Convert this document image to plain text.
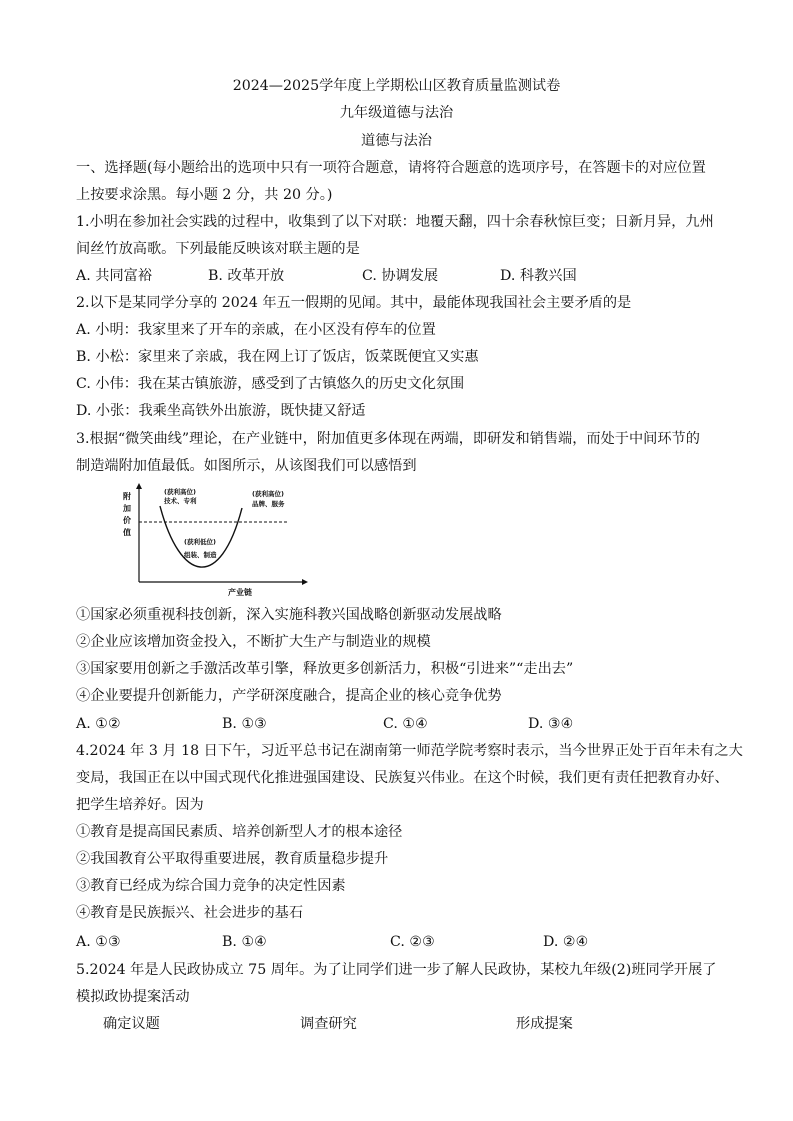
2024—2025学年度上学期松山区教育质量监测试卷
九年级道德与法治
道德与法治
一、选择题(每小题给出的选项中只有一项符合题意，请将符合题意的选项序号，在答题卡的对应位置
上按要求涂黑。每小题 2 分，共 20 分。)
1.小明在参加社会实践的过程中，收集到了以下对联：地覆天翻，四十余春秋惊巨变；日新月异，九州
间丝竹放高歌。下列最能反映该对联主题的是
A. 共同富裕	B. 改革开放	C. 协调发展	D. 科教兴国
2.以下是某同学分享的 2024 年五一假期的见闻。其中，最能体现我国社会主要矛盾的是
A. 小明：我家里来了开车的亲戚，在小区没有停车的位置
B. 小松：家里来了亲戚，我在网上订了饭店，饭菜既便宜又实惠
C. 小伟：我在某古镇旅游，感受到了古镇悠久的历史文化氛围
D. 小张：我乘坐高铁外出旅游，既快捷又舒适
3.根据“微笑曲线”理论，在产业链中，附加值更多体现在两端，即研发和销售端，而处于中间环节的
制造端附加值最低。如图所示，从该图我们可以感悟到
附
加
价
值
(获利高位)
技术、专利
(获利高位)
品牌、服务
(获利低位)
组装、制造
产业链
①国家必须重视科技创新，深入实施科教兴国战略创新驱动发展战略
②企业应该增加资金投入，不断扩大生产与制造业的规模
③国家要用创新之手激活改革引擎，释放更多创新活力，积极“引进来”“走出去”
④企业要提升创新能力，产学研深度融合，提高企业的核心竞争优势
A. ①②	B. ①③	C. ①④	D. ③④
4.2024 年 3 月 18 日下午，习近平总书记在湖南第一师范学院考察时表示，当今世界正处于百年未有之大
变局，我国正在以中国式现代化推进强国建设、民族复兴伟业。在这个时候，我们更有责任把教育办好、
把学生培养好。因为
①教育是提高国民素质、培养创新型人才的根本途径
②我国教育公平取得重要进展，教育质量稳步提升
③教育已经成为综合国力竞争的决定性因素
④教育是民族振兴、社会进步的基石
A. ①③	B. ①④	C. ②③	D. ②④
5.2024 年是人民政协成立 75 周年。为了让同学们进一步了解人民政协，某校九年级(2)班同学开展了
模拟政协提案活动
确定议题	调查研究	形成提案
